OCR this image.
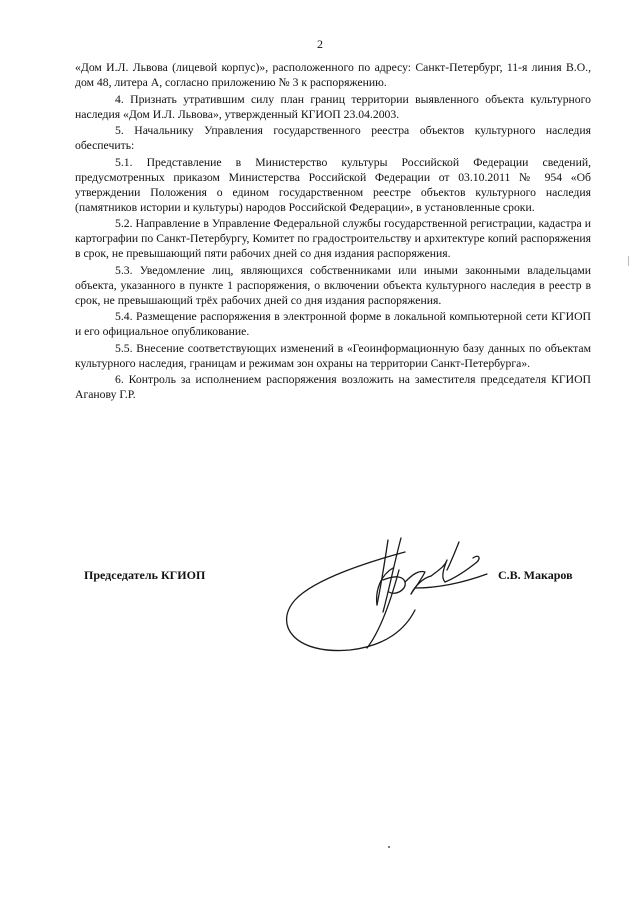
2

«Дом И.Л. Львова (лицевой корпус)», расположенного по адресу: Санкт-Петербург, 11-я линия В.О., дом 48, литера А, согласно приложению № 3 к распоряжению.

4. Признать утратившим силу план границ территории выявленного объекта культурного наследия «Дом И.Л. Львова», утвержденный КГИОП 23.04.2003.

5. Начальнику Управления государственного реестра объектов культурного наследия обеспечить:

5.1. Представление в Министерство культуры Российской Федерации сведений, предусмотренных приказом Министерства Российской Федерации от 03.10.2011 № 954 «Об утверждении Положения о едином государственном реестре объектов культурного наследия (памятников истории и культуры) народов Российской Федерации», в установленные сроки.

5.2. Направление в Управление Федеральной службы государственной регистрации, кадастра и картографии по Санкт-Петербургу, Комитет по градостроительству и архитектуре копий распоряжения в срок, не превышающий пяти рабочих дней со дня издания распоряжения.

5.3. Уведомление лиц, являющихся собственниками или иными законными владельцами объекта, указанного в пункте 1 распоряжения, о включении объекта культурного наследия в реестр в срок, не превышающий трёх рабочих дней со дня издания распоряжения.

5.4. Размещение распоряжения в электронной форме в локальной компьютерной сети КГИОП и его официальное опубликование.

5.5. Внесение соответствующих изменений в «Геоинформационную базу данных по объектам культурного наследия, границам и режимам зон охраны на территории Санкт-Петербурга».

6. Контроль за исполнением распоряжения возложить на заместителя председателя КГИОП Аганову Г.Р.

Председатель КГИОП	С.В. Макаров
